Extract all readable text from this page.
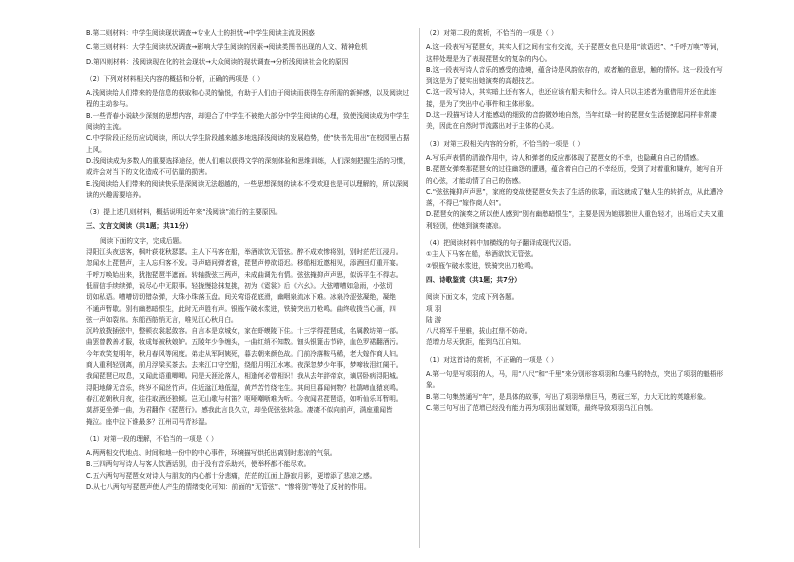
B.第二则材料：中学生阅读现状调查→专业人士的担忧→中学生阅读主流及困惑

C.第三则材料：大学生阅读状况调查→影响大学生阅读的因素→阅读类图书出现的人文、精神危机

D.第四则材料：浅阅读现在化的社会现状→大众阅读的现状调查→分析浅阅读社会化的原因

（2）下列对材料相关内容的概括和分析，正确的两项是（ ）

A.浅阅读给人们带来的是信息的获取和心灵的愉悦，有助于人们由于阅读而获得生存所需的新鲜感，以及阅读过程的主动参与。

B.一些青春小说缺少深刻的思想内容，却迎合了中学生不被绝大部分中学生阅读的心理，致使浅阅读成为中学生阅读的主流。

C.中学阶段正经历应试阅读，所以大学生阶段越来越多地选择浅阅读的发展趋势，使“快书先用出”在校园里占据上风。

D.浅阅读成为多数人的重要选择途径，使人们难以获得文学的深刻体验和思维训练，人们深刻把握生活的习惯，或许会对当下的文化造成不可估量的损害。

E.浅阅读给人们带来的阅读快乐是深阅读无法超越的，一些思想深刻的读本不受欢迎也是可以理解的，所以深阅读的兴趣需要培养。

（3）提上述几则材料，概括说明近年来“浅阅读”流行的主要原因。

三、文言文阅读（共1题；共11分）

阅读下面的文字，完成后题。

浔阳江头夜送客，枫叶荻花秋瑟瑟。主人下马客在船，举酒欲饮无管弦。醉不成欢惨将别，别时茫茫江浸月。

忽闻水上琵琶声，主人忘归客不发。寻声暗问弹者谁，琵琶声停欲语迟。移船相近邀相见，添酒回灯重开宴。

千呼万唤始出来，犹抱琵琶半遮面。转轴拨弦三两声，未成曲调先有情。弦弦掩抑声声思，似诉平生不得志。

低眉信手续续弹，说尽心中无限事。轻拢慢捻抹复挑，初为《霓裳》后《六幺》。大弦嘈嘈如急雨，小弦切

切如私语。嘈嘈切切错杂弹，大珠小珠落玉盘。间关莺语花底滑，幽咽泉流冰下难。冰泉冷涩弦凝绝，凝绝

不通声暂歇。别有幽愁暗恨生，此时无声胜有声。银瓶乍破水浆迸，铁骑突出刀枪鸣。曲终收拨当心画，四

弦一声如裂帛。东船西舫悄无言，唯见江心秋月白。

沉吟放拨插弦中，整顿衣裳起敛容。自言本是京城女，家在虾蟆陵下住。十三学得琵琶成，名属教坊第一部。

曲罢曾教善才服，妆成每被秋娘妒。五陵年少争缠头，一曲红绡不知数。钿头银篦击节碎，血色罗裙翻酒污。

今年欢笑复明年，秋月春风等闲度。弟走从军阿姨死，暮去朝来颜色故。门前冷落鞍马稀，老大嫁作商人妇。

商人重利轻别离，前月浮梁买茶去。去来江口守空船，绕船月明江水寒。夜深忽梦少年事，梦啼妆泪红阑干。

我闻琵琶已叹息，又闻此语重唧唧。同是天涯沦落人，相逢何必曾相识！我从去年辞帝京，谪居卧病浔阳城。

浔阳地僻无音乐，终岁不闻丝竹声。住近湓江地低湿，黄芦苦竹绕宅生。其间旦暮闻何物？杜鹃啼血猿哀鸣。

春江花朝秋月夜，往往取酒还独倾。岂无山歌与村笛？呕哑嘲哳难为听。今夜闻君琵琶语，如听仙乐耳暂明。

莫辞更坐弹一曲，为君翻作《琵琶行》。感我此言良久立，却坐促弦弦转急。凄凄不似向前声，满座重闻皆

掩泣。座中泣下谁最多？江州司马青衫湿。

（1）对第一段的理解，不恰当的一项是（ ）

A.两两相交代地点、时间和地一份中的中心事件，环境描写烘托出离别时悲凉的气氛。

B.三四两句写诗人与客人饮酒话别，由于没有音乐助兴，使举杯都不能尽欢。

C.五六两句写琵琶女对诗人与朋友的内心都十分悲痛，茫茫的江面上静寂月影，更增添了悲凉之感。

D.从七八两句写琵琶声使人产生的情绪变化可知：前面的“无管弦”、“惨将别”等处了反衬的作用。

（2）对第二段的赏析，不恰当的一项是（ ）

A.这一段表写写琵琶女，其实人们之间有宝有交流，关于琵琶女也只是用“欲语迟”、“千呼万唤”等词，这样处理是为了表现琵琶女的复杂的内心。

B.这一段表写诗人音乐的感受的造境，蕴含诗是风韵依存的，或者触的意思，触的情怀。这一段没有写到这是为了便实出她演奏的高超技艺。

C.这一段写诗人，其实暗上还有客人，也还应该有船夫和什么。诗人只以主述者为重借用并还在此连接，是为了突出中心事件和主体形象。

D.这一段描写诗人才能感动的细致的音韵微妙地自然，当年红绿一时的琵琶女生活便撩起同样非常凄美，因此在自然时节流露出对于主体的心灵。

（3）对第三段相关内容的分析，不恰当的一项是（ ）

A.写乐声表情的清澈作用中，诗人和弹者的反应都体现了琵琶女的不幸，也隐藏自自己的情感。

B.琵琶女弹奏那琵琶女的过往幽怨的遭遇，蕴含着自白己的不幸经历，受到了对着重和嫌弃，她写自开的心弦，才能动情了自己的伤感。

C.“弦弦掩抑声声思”，家庭的变故使琵琶女失去了生活的依靠，而这就成了魅人生的转折点，从此遭冷落，不得已“嫁作商人妇”。

D.琵琶女的演奏之所以使人感到“别有幽愁暗恨生”，主要是因为她那独世人重色轻才，出场后丈夫又重利轻别，使她到演奏凄凉。

（4）把阅读材料中加横线的句子翻译成现代汉语。

①主人下马客在船，举酒欲饮无管弦。

②银瓶乍破水浆迸，铁骑突出刀枪鸣。

四、诗歌鉴赏（共1题；共7分）

阅读下面文本，完成下列各题。

项 羽

陆 游

八尺将军千里骓，拔山扛鼎不妨奇。

范增力尽天犹拒，能到乌江自知。

（1）对这首诗的赏析，不正确的一项是（ ）

A.第一句是写项羽的人，马，用“八尺”和“千里”来分别形容项羽和乌骓马的特点，突出了项羽的魁梧形象。

B.第二句集然通写“年”，是具体的故事，写出了项羽举鼎巨马，勇冠三军，力大无比的英雄形象。

C.第三句写出了范增已经没有能力再为项羽出谋划策，最终导致项羽乌江自刎。
